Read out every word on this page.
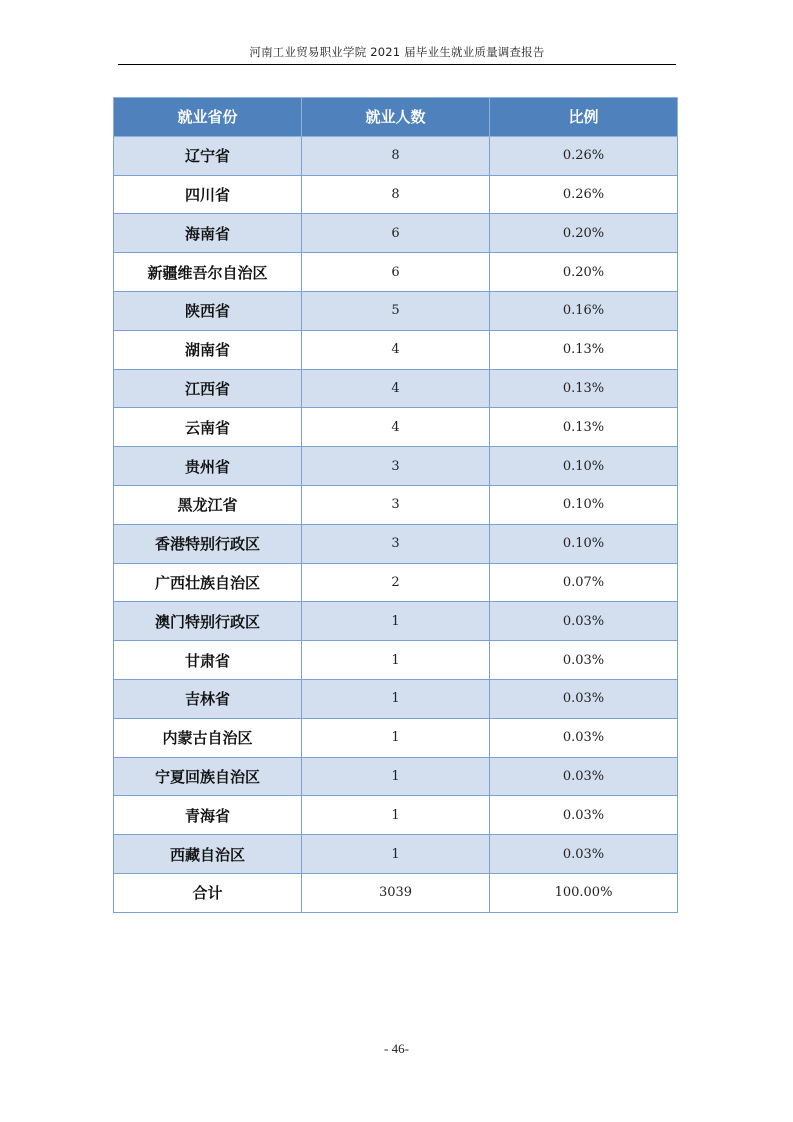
河南工业贸易职业学院 2021 届毕业生就业质量调查报告
就业省份	就业人数	比例
辽宁省	8	0.26%
四川省	8	0.26%
海南省	6	0.20%
新疆维吾尔自治区	6	0.20%
陕西省	5	0.16%
湖南省	4	0.13%
江西省	4	0.13%
云南省	4	0.13%
贵州省	3	0.10%
黑龙江省	3	0.10%
香港特别行政区	3	0.10%
广西壮族自治区	2	0.07%
澳门特别行政区	1	0.03%
甘肃省	1	0.03%
吉林省	1	0.03%
内蒙古自治区	1	0.03%
宁夏回族自治区	1	0.03%
青海省	1	0.03%
西藏自治区	1	0.03%
合计	3039	100.00%
- 46-
